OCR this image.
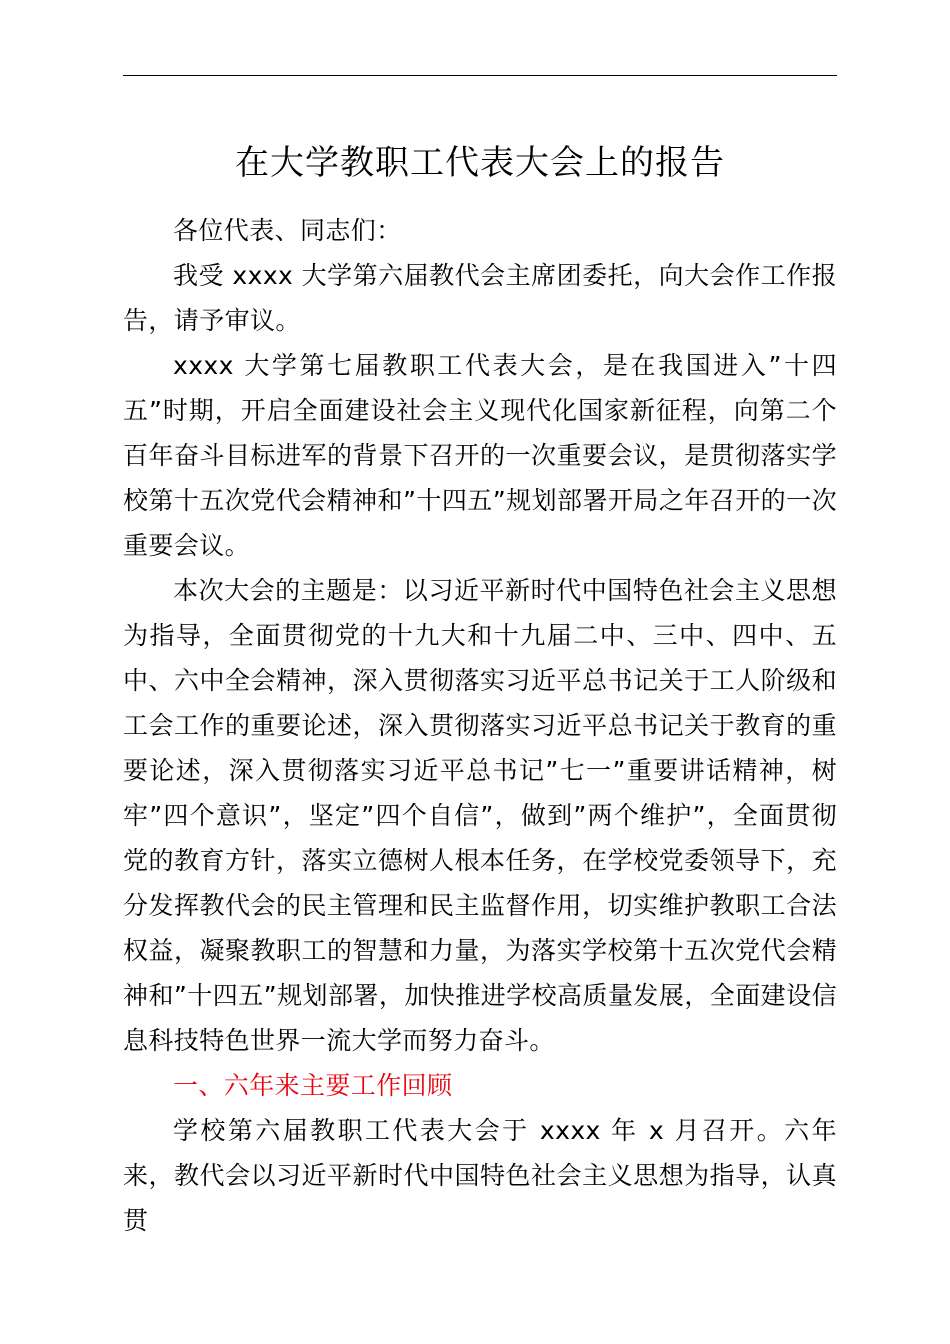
在大学教职工代表大会上的报告

各位代表、同志们：

我受 xxxx 大学第六届教代会主席团委托，向大会作工作报告，请予审议。

xxxx 大学第七届教职工代表大会，是在我国进入”十四五”时期，开启全面建设社会主义现代化国家新征程，向第二个百年奋斗目标进军的背景下召开的一次重要会议，是贯彻落实学校第十五次党代会精神和”十四五”规划部署开局之年召开的一次重要会议。

本次大会的主题是：以习近平新时代中国特色社会主义思想为指导，全面贯彻党的十九大和十九届二中、三中、四中、五中、六中全会精神，深入贯彻落实习近平总书记关于工人阶级和工会工作的重要论述，深入贯彻落实习近平总书记关于教育的重要论述，深入贯彻落实习近平总书记”七一”重要讲话精神，树牢”四个意识”，坚定”四个自信”，做到”两个维护”，全面贯彻党的教育方针，落实立德树人根本任务，在学校党委领导下，充分发挥教代会的民主管理和民主监督作用，切实维护教职工合法权益，凝聚教职工的智慧和力量，为落实学校第十五次党代会精神和”十四五”规划部署，加快推进学校高质量发展，全面建设信息科技特色世界一流大学而努力奋斗。

一、六年来主要工作回顾

学校第六届教职工代表大会于 xxxx 年 x 月召开。六年来，教代会以习近平新时代中国特色社会主义思想为指导，认真贯
